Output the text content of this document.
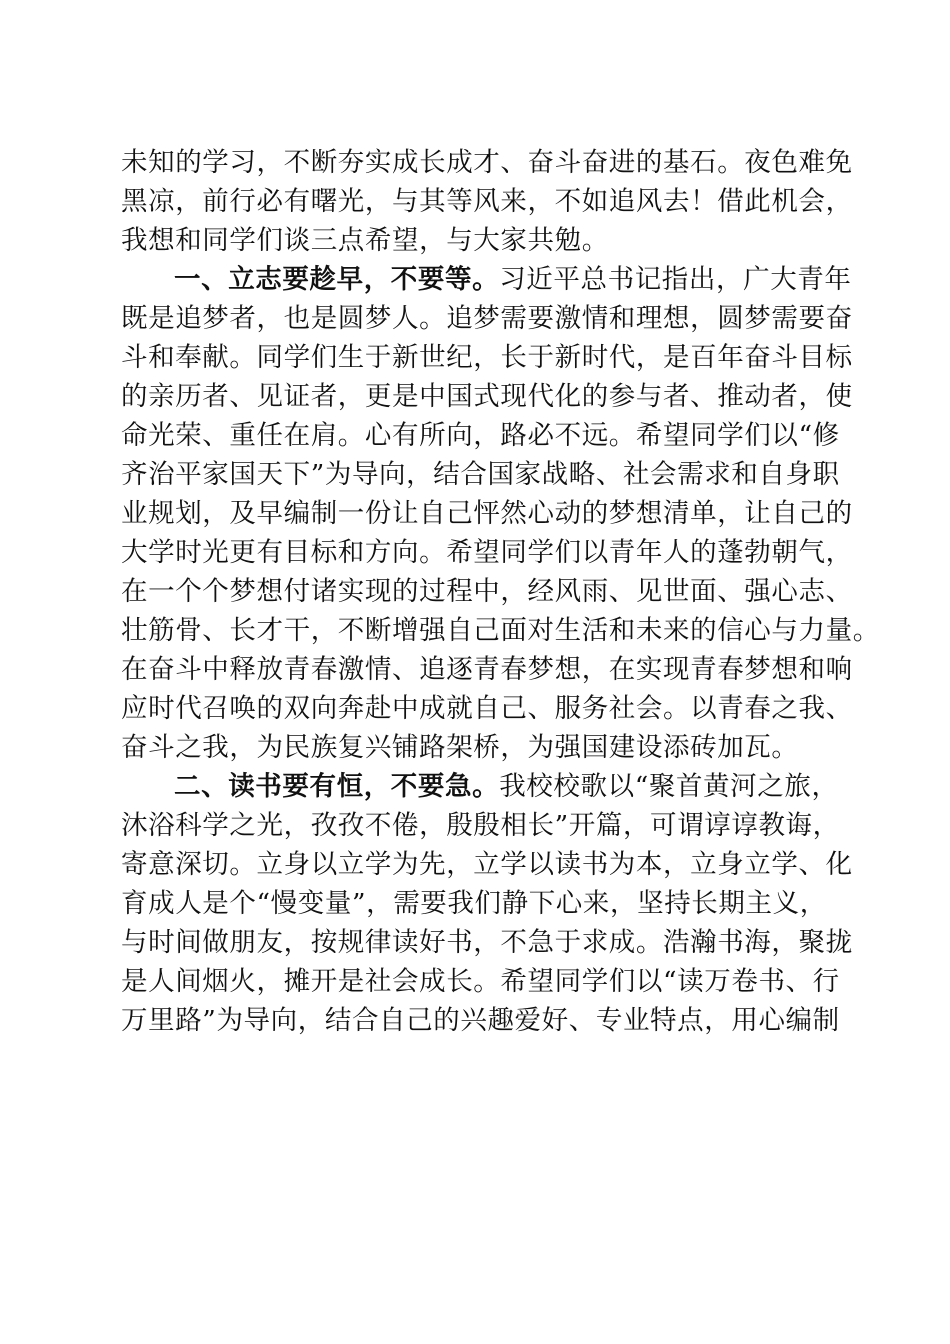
未知的学习，不断夯实成长成才、奋斗奋进的基石。夜色难免
黑凉，前行必有曙光，与其等风来，不如追风去！借此机会，
我想和同学们谈三点希望，与大家共勉。
一、立志要趁早，不要等。习近平总书记指出，广大青年
既是追梦者，也是圆梦人。追梦需要激情和理想，圆梦需要奋
斗和奉献。同学们生于新世纪，长于新时代，是百年奋斗目标
的亲历者、见证者，更是中国式现代化的参与者、推动者，使
命光荣、重任在肩。心有所向，路必不远。希望同学们以“修
齐治平家国天下”为导向，结合国家战略、社会需求和自身职
业规划，及早编制一份让自己怦然心动的梦想清单，让自己的
大学时光更有目标和方向。希望同学们以青年人的蓬勃朝气，
在一个个梦想付诸实现的过程中，经风雨、见世面、强心志、
壮筋骨、长才干，不断增强自己面对生活和未来的信心与力量。
在奋斗中释放青春激情、追逐青春梦想，在实现青春梦想和响
应时代召唤的双向奔赴中成就自己、服务社会。以青春之我、
奋斗之我，为民族复兴铺路架桥，为强国建设添砖加瓦。
二、读书要有恒，不要急。我校校歌以“聚首黄河之旅，
沐浴科学之光，孜孜不倦，殷殷相长”开篇，可谓谆谆教诲，
寄意深切。立身以立学为先，立学以读书为本，立身立学、化
育成人是个“慢变量”，需要我们静下心来，坚持长期主义，
与时间做朋友，按规律读好书，不急于求成。浩瀚书海，聚拢
是人间烟火，摊开是社会成长。希望同学们以“读万卷书、行
万里路”为导向，结合自己的兴趣爱好、专业特点，用心编制
